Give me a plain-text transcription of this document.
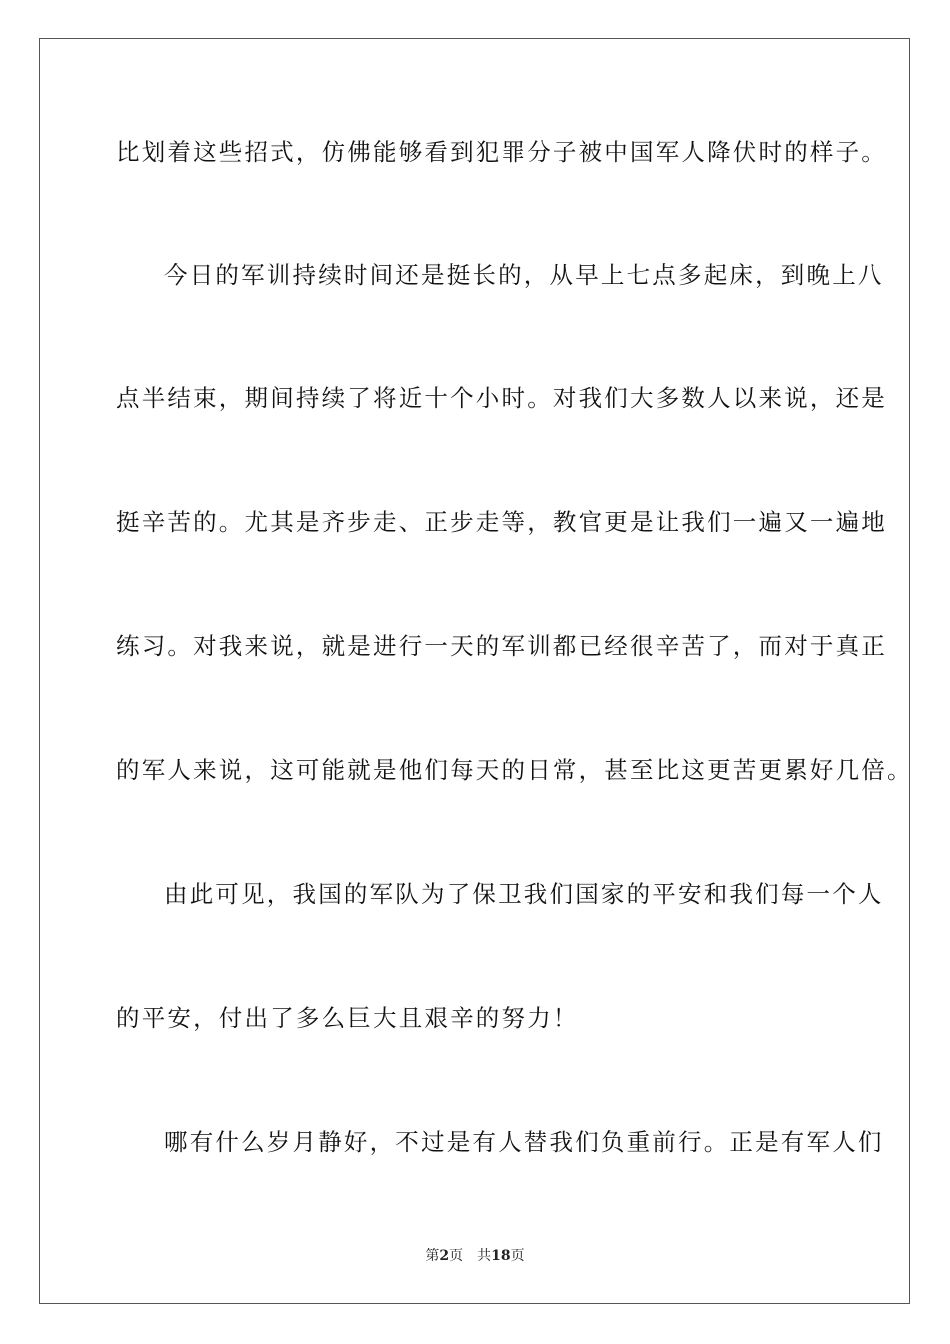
比划着这些招式，仿佛能够看到犯罪分子被中国军人降伏时的样子。
今日的军训持续时间还是挺长的，从早上七点多起床，到晚上八
点半结束，期间持续了将近十个小时。对我们大多数人以来说，还是
挺辛苦的。尤其是齐步走、正步走等，教官更是让我们一遍又一遍地
练习。对我来说，就是进行一天的军训都已经很辛苦了，而对于真正
的军人来说，这可能就是他们每天的日常，甚至比这更苦更累好几倍。
由此可见，我国的军队为了保卫我们国家的平安和我们每一个人
的平安，付出了多么巨大且艰辛的努力！
哪有什么岁月静好，不过是有人替我们负重前行。正是有军人们
第2页 共18页
